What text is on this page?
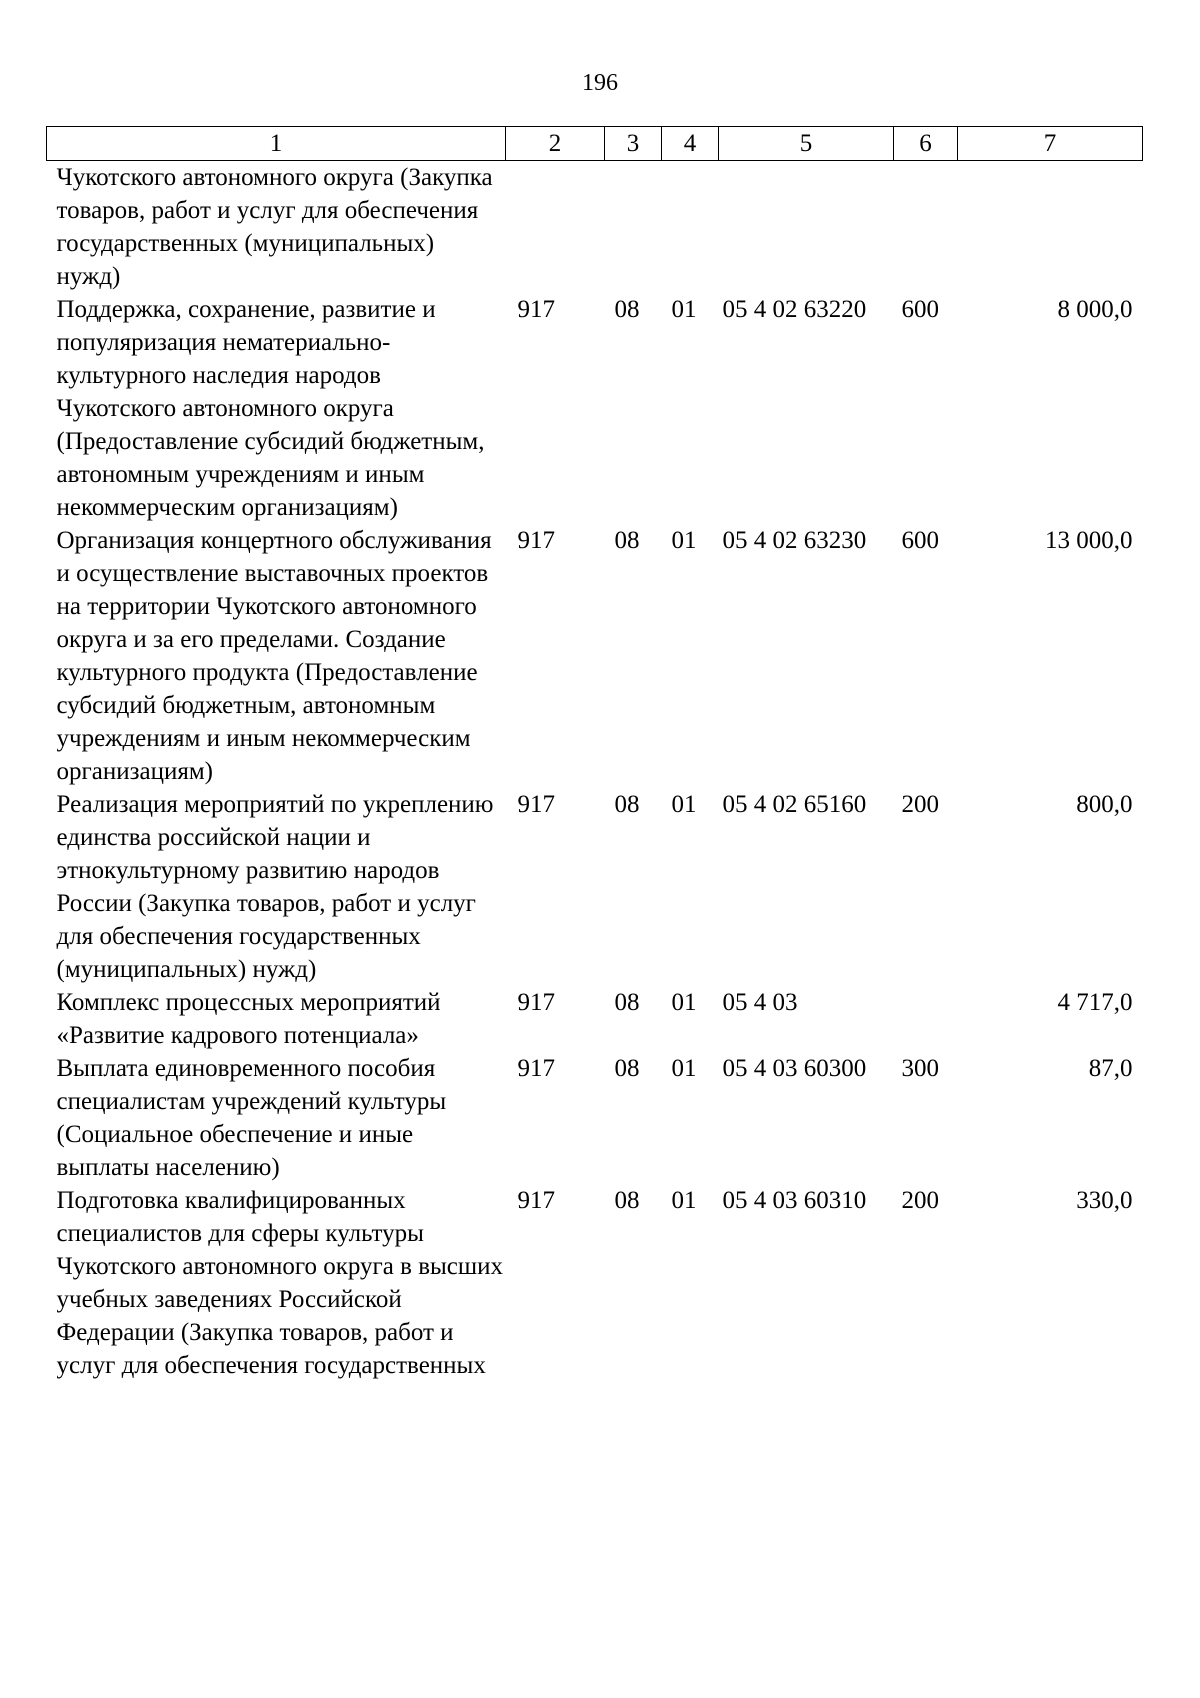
196
1	2	3	4	5	6	7
Чукотского автономного округа (Закупка товаров, работ и услуг для обеспечения государственных (муниципальных) нужд)						
Поддержка, сохранение, развитие и популяризация нематериально-культурного наследия народов Чукотского автономного округа (Предоставление субсидий бюджетным, автономным учреждениям и иным некоммерческим организациям)	917	08	01	05 4 02 63220	600	8 000,0
Организация концертного обслуживания и осуществление выставочных проектов на территории Чукотского автономного округа и за его пределами. Создание культурного продукта (Предоставление субсидий бюджетным, автономным учреждениям и иным некоммерческим организациям)	917	08	01	05 4 02 63230	600	13 000,0
Реализация мероприятий по укреплению единства российской нации и этнокультурному развитию народов России (Закупка товаров, работ и услуг для обеспечения государственных (муниципальных) нужд)	917	08	01	05 4 02 65160	200	800,0
Комплекс процессных мероприятий «Развитие кадрового потенциала»	917	08	01	05 4 03		4 717,0
Выплата единовременного пособия специалистам учреждений культуры (Социальное обеспечение и иные выплаты населению)	917	08	01	05 4 03 60300	300	87,0
Подготовка квалифицированных специалистов для сферы культуры Чукотского автономного округа в высших учебных заведениях Российской Федерации (Закупка товаров, работ и услуг для обеспечения государственных	917	08	01	05 4 03 60310	200	330,0
